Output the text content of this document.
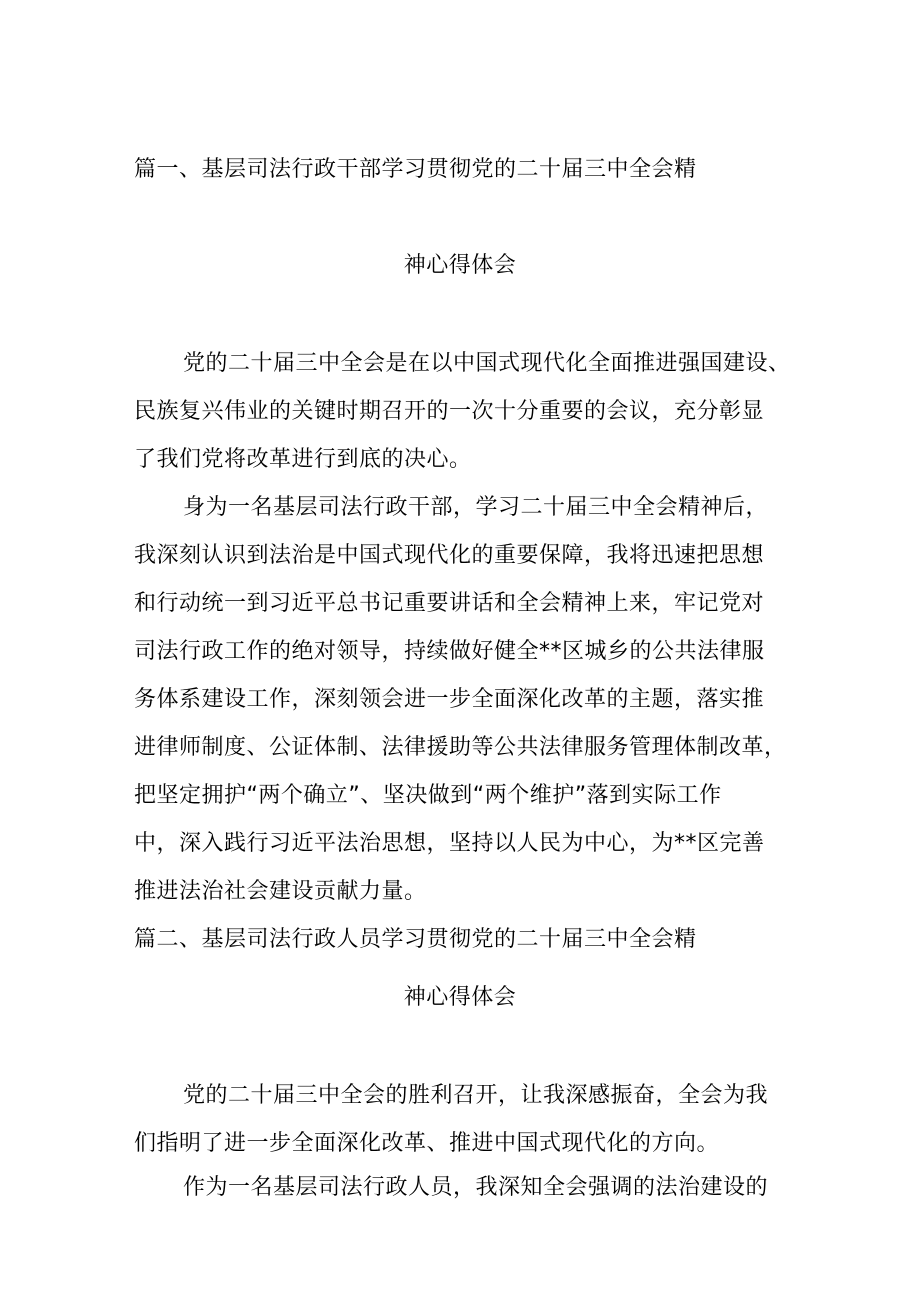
篇一、基层司法行政干部学习贯彻党的二十届三中全会精
神心得体会
党的二十届三中全会是在以中国式现代化全面推进强国建设、
民族复兴伟业的关键时期召开的一次十分重要的会议，充分彰显
了我们党将改革进行到底的决心。
身为一名基层司法行政干部，学习二十届三中全会精神后，
我深刻认识到法治是中国式现代化的重要保障，我将迅速把思想
和行动统一到习近平总书记重要讲话和全会精神上来，牢记党对
司法行政工作的绝对领导，持续做好健全**区城乡的公共法律服
务体系建设工作，深刻领会进一步全面深化改革的主题，落实推
进律师制度、公证体制、法律援助等公共法律服务管理体制改革，
把坚定拥护“两个确立”、坚决做到“两个维护”落到实际工作
中，深入践行习近平法治思想，坚持以人民为中心，为**区完善
推进法治社会建设贡献力量。
篇二、基层司法行政人员学习贯彻党的二十届三中全会精
神心得体会
党的二十届三中全会的胜利召开，让我深感振奋，全会为我
们指明了进一步全面深化改革、推进中国式现代化的方向。
作为一名基层司法行政人员，我深知全会强调的法治建设的
